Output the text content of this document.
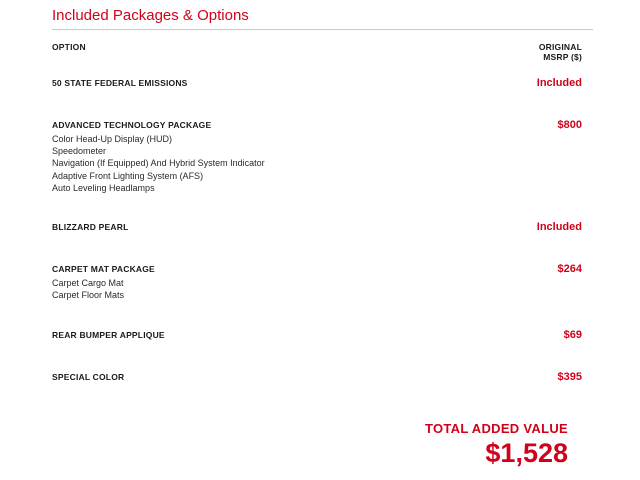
Included Packages & Options
OPTION	ORIGINAL
MSRP ($)
50 STATE FEDERAL EMISSIONS	Included
ADVANCED TECHNOLOGY PACKAGE	$800
Color Head-Up Display (HUD)
Speedometer
Navigation (If Equipped) And Hybrid System Indicator
Adaptive Front Lighting System (AFS)
Auto Leveling Headlamps
BLIZZARD PEARL	Included
CARPET MAT PACKAGE	$264
Carpet Cargo Mat
Carpet Floor Mats
REAR BUMPER APPLIQUE	$69
SPECIAL COLOR	$395
TOTAL ADDED VALUE
$1,528
